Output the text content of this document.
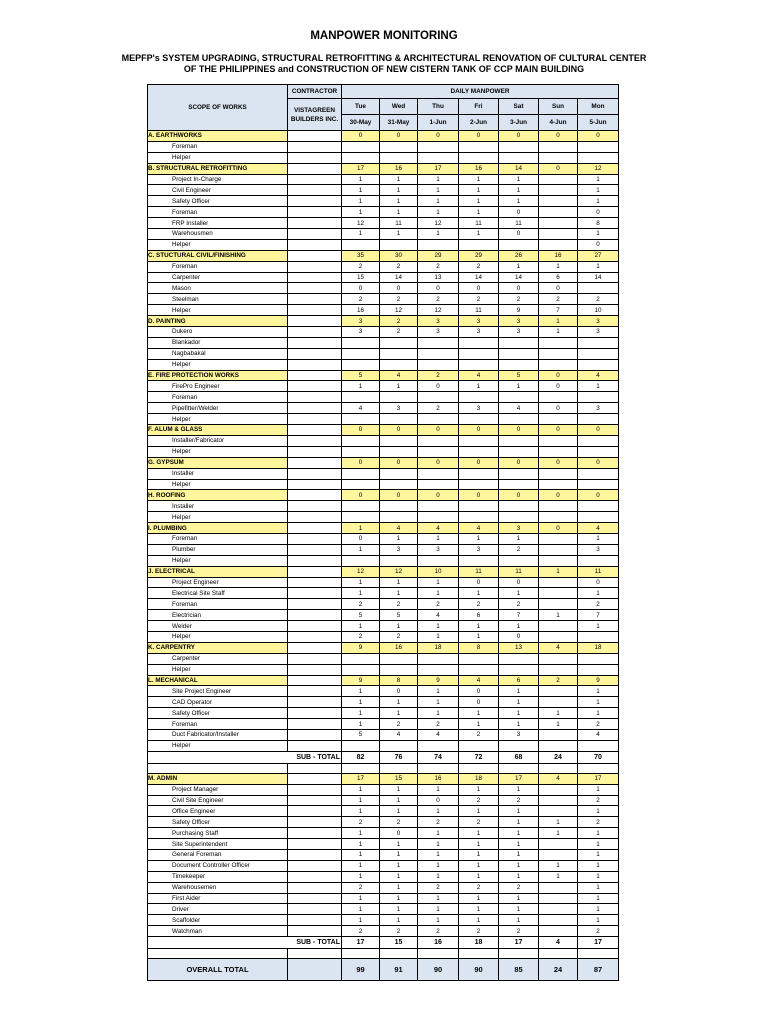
MANPOWER MONITORING
MEPFP's SYSTEM UPGRADING, STRUCTURAL RETROFITTING & ARCHITECTURAL RENOVATION OF CULTURAL CENTER OF THE PHILIPPINES and CONSTRUCTION OF NEW CISTERN TANK OF CCP MAIN BUILDING
SCOPE OF WORKS	CONTRACTOR	DAILY MANPOWER						
	VISTAGREEN BUILDERS INC.	Tue	Wed	Thu	Fri	Sat	Sun	Mon
		30-May	31-May	1-Jun	2-Jun	3-Jun	4-Jun	5-Jun
A. EARTHWORKS		0	0	0	0	0	0	0
Foreman								
Helper								
B. STRUCTURAL RETROFITTING		17	16	17	16	14	0	12
Project In-Charge		1	1	1	1	1		1
Civil Engineer		1	1	1	1	1		1
Safety Officer		1	1	1	1	1		1
Foreman		1	1	1	1	0		0
FRP Installer		12	11	12	11	11		8
Warehousmen		1	1	1	1	0		1
Helper								0
C. STUCTURAL CIVIL/FINISHING		35	30	29	29	26	16	27
Foreman		2	2	2	2	1	1	1
Carpenter		15	14	13	14	14	6	14
Mason		0	0	0	0	0	0	
Steelman		2	2	2	2	2	2	2
Helper		16	12	12	11	9	7	10
D. PAINTING		3	2	3	3	3	1	3
Dukero		3	2	3	3	3	1	3
Blankador								
Nagbabakal								
Helper								
E. FIRE PROTECTION WORKS		5	4	2	4	5	0	4
FirePro Engineer		1	1	0	1	1	0	1
Foreman								
Pipefitter/Welder		4	3	2	3	4	0	3
Helper								
F. ALUM & GLASS		0	0	0	0	0	0	0
Installer/Fabricator								
Helper								
G. GYPSUM		0	0	0	0	0	0	0
Installer								
Helper								
H. ROOFING		0	0	0	0	0	0	0
Installer								
Helper								
I. PLUMBING		1	4	4	4	3	0	4
Foreman		0	1	1	1	1		1
Plumber		1	3	3	3	2		3
Helper								
J. ELECTRICAL		12	12	10	11	11	1	11
Project Engineer		1	1	1	0	0		0
Electrical Site Staff		1	1	1	1	1		1
Foreman		2	2	2	2	2		2
Electrician		5	5	4	6	7	1	7
Welder		1	1	1	1	1		1
Helper		2	2	1	1	0		
K. CARPENTRY		9	16	18	8	13	4	18
Carpenter								
Helper								
L. MECHANICAL		9	8	9	4	6	2	9
Site Project Engineer		1	0	1	0	1		1
CAD Operator		1	1	1	0	1		1
Safety Officer		1	1	1	1	1	1	1
Foreman		1	2	2	1	1	1	2
Duct Fabricator/Installer		5	4	4	2	3		4
Helper								
SUB - TOTAL		82	76	74	72	68	24	70

M. ADMIN		17	15	16	18	17	4	17
Project Manager		1	1	1	1	1		1
Civil Site Engineer		1	1	0	2	2		2
Office Engineer		1	1	1	1	1		1
Safety Officer		2	2	2	2	1	1	2
Purchasing Staff		1	0	1	1	1	1	1
Site Superintendent		1	1	1	1	1		1
General Foreman		1	1	1	1	1		1
Document Controller Officer		1	1	1	1	1	1	1
Timekeeper		1	1	1	1	1	1	1
Warehousemen		2	1	2	2	2		1
First Aider		1	1	1	1	1		1
Driver		1	1	1	1	1		1
Scaffolder		1	1	1	1	1		1
Watchman		2	2	2	2	2		2
SUB - TOTAL		17	15	16	18	17	4	17

OVERALL TOTAL		99	91	90	90	85	24	87
